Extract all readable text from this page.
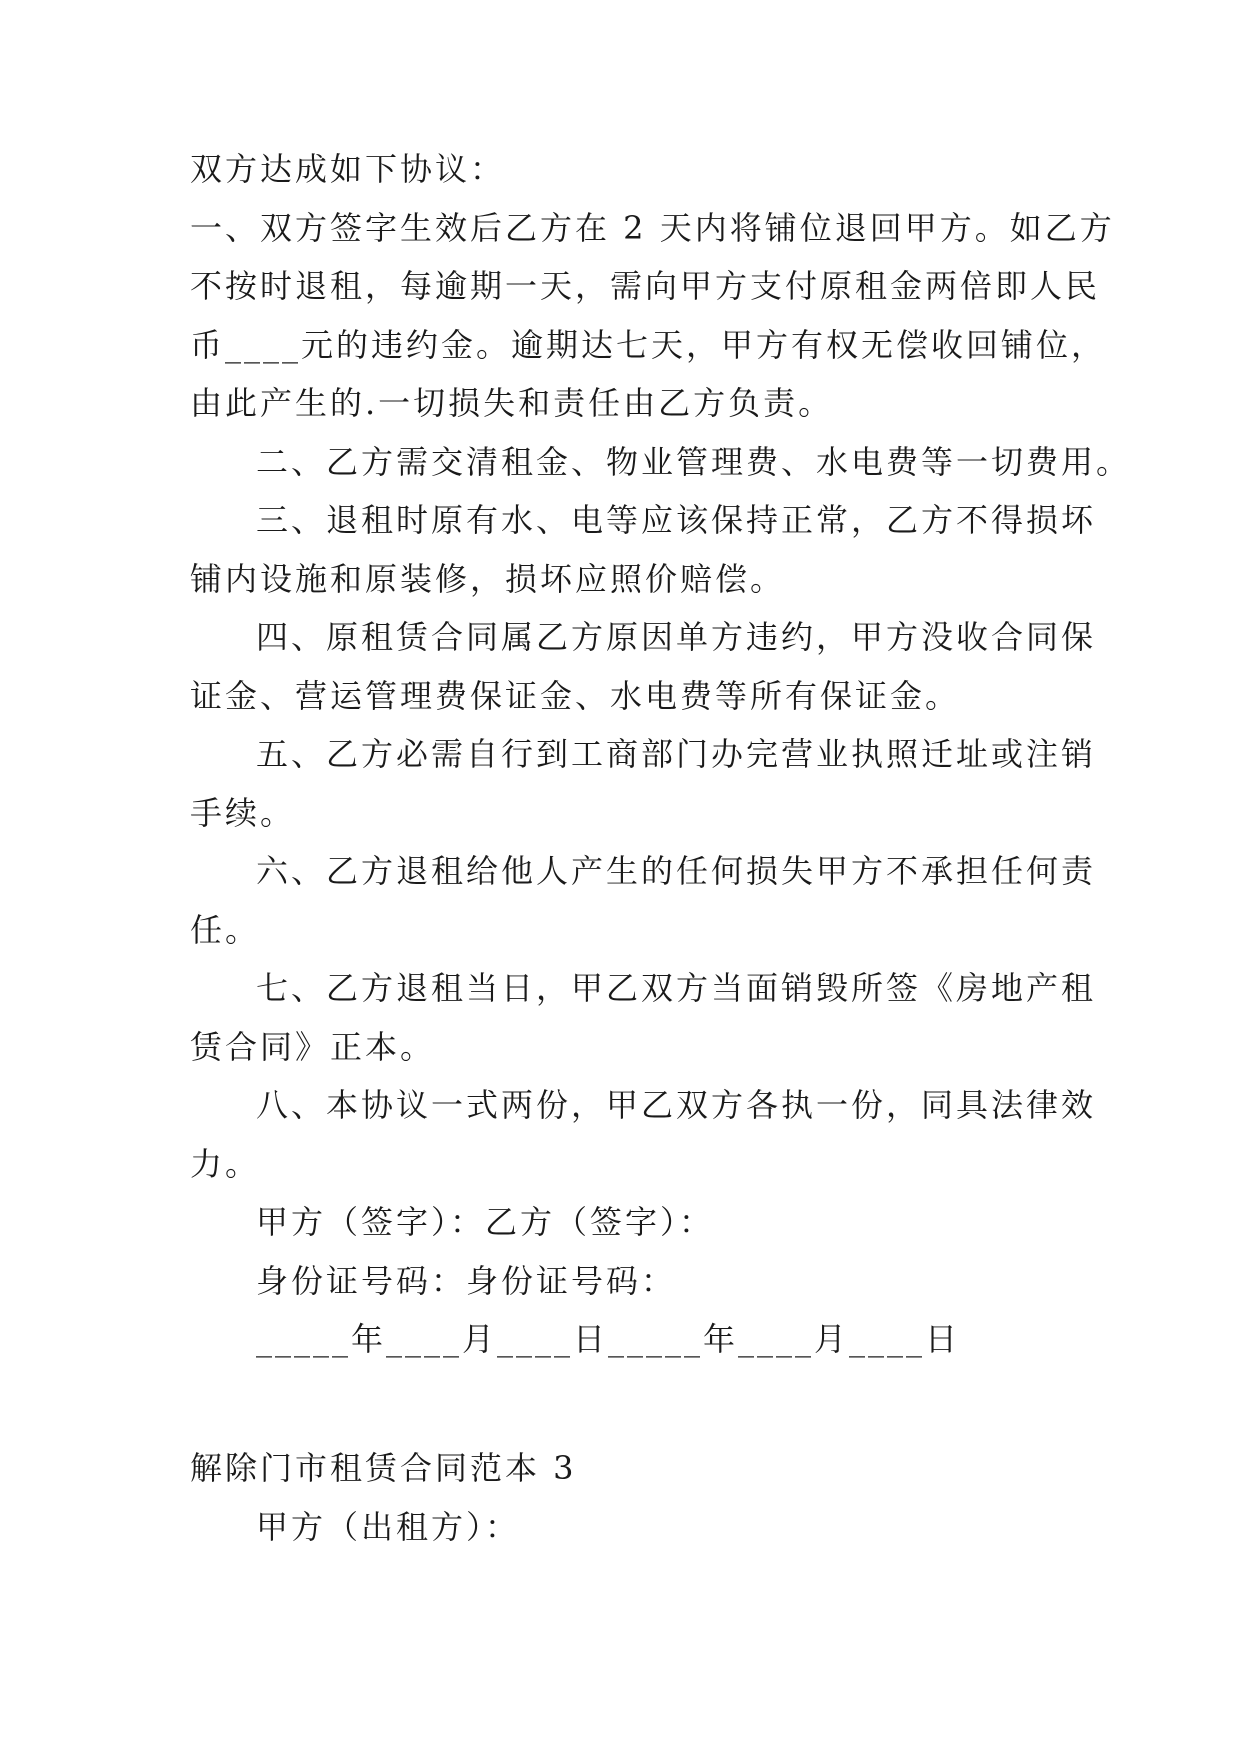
双方达成如下协议：
一、双方签字生效后乙方在 2 天内将铺位退回甲方。如乙方
不按时退租，每逾期一天，需向甲方支付原租金两倍即人民
币____元的违约金。逾期达七天，甲方有权无偿收回铺位，
由此产生的.一切损失和责任由乙方负责。
二、乙方需交清租金、物业管理费、水电费等一切费用。
三、退租时原有水、电等应该保持正常，乙方不得损坏
铺内设施和原装修，损坏应照价赔偿。
四、原租赁合同属乙方原因单方违约，甲方没收合同保
证金、营运管理费保证金、水电费等所有保证金。
五、乙方必需自行到工商部门办完营业执照迁址或注销
手续。
六、乙方退租给他人产生的任何损失甲方不承担任何责
任。
七、乙方退租当日，甲乙双方当面销毁所签《房地产租
赁合同》正本。
八、本协议一式两份，甲乙双方各执一份，同具法律效
力。
甲方（签字）：乙方（签字）：
身份证号码：身份证号码：
_____年____月____日_____年____月____日
解除门市租赁合同范本 3
甲方（出租方）：
